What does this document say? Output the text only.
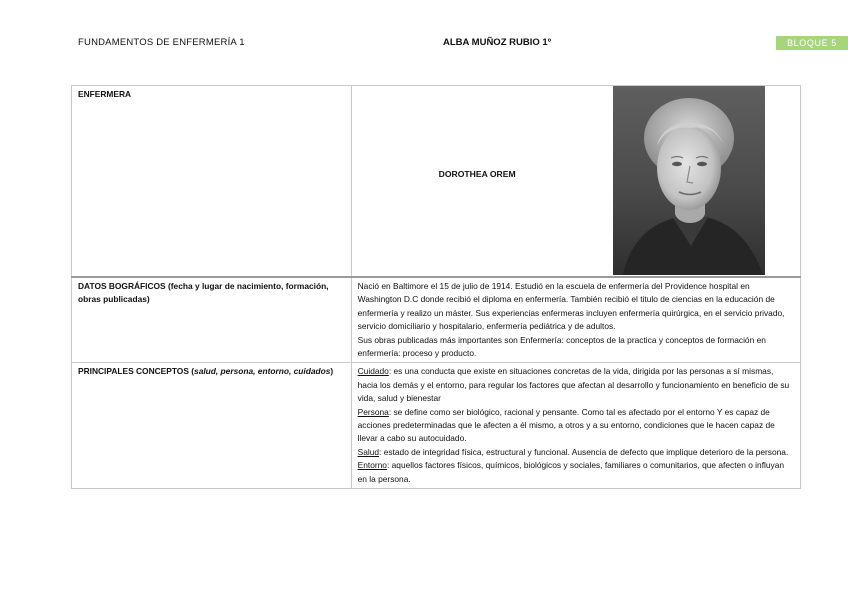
FUNDAMENTOS DE ENFERMERÍA 1	ALBA MUÑOZ RUBIO 1º	BLOQUE 5
ENFERMERA	DOROTHEA OREM

DATOS BOGRÁFICOS (fecha y lugar de nacimiento, formación, obras publicadas)	Nació en Baltimore el 15 de julio de 1914. Estudió en la escuela de enfermería del Providence hospital en Washington D.C donde recibió el diploma en enfermería. También recibió el titulo de ciencias en la educación de enfermería y realizo un máster. Sus experiencias enfermeras incluyen enfermería quirúrgica, en el servicio privado, servicio domiciliario y hospitalario, enfermería pediátrica y de adultos.
Sus obras publicadas más importantes son Enfermería: conceptos de la practica y conceptos de formación en enfermería: proceso y producto.

PRINCIPALES CONCEPTOS (salud, persona, entorno, cuidados)	Cuidado: es una conducta que existe en situaciones concretas de la vida, dirigida por las personas a sí mismas, hacia los demás y el entorno, para regular los factores que afectan al desarrollo y funcionamiento en beneficio de su vida, salud y bienestar
Persona: se define como ser biológico, racional y pensante. Como tal es afectado por el entorno Y es capaz de acciones predeterminadas que le afecten a él mismo, a otros y a su entorno, condiciones que le hacen capaz de llevar a cabo su autocuidado.
Salud: estado de integridad física, estructural y funcional. Ausencia de defecto que implique deterioro de la persona.
Entorno: aquellos factores físicos, químicos, biológicos y sociales, familiares o comunitarios, que afecten o influyan en la persona.
